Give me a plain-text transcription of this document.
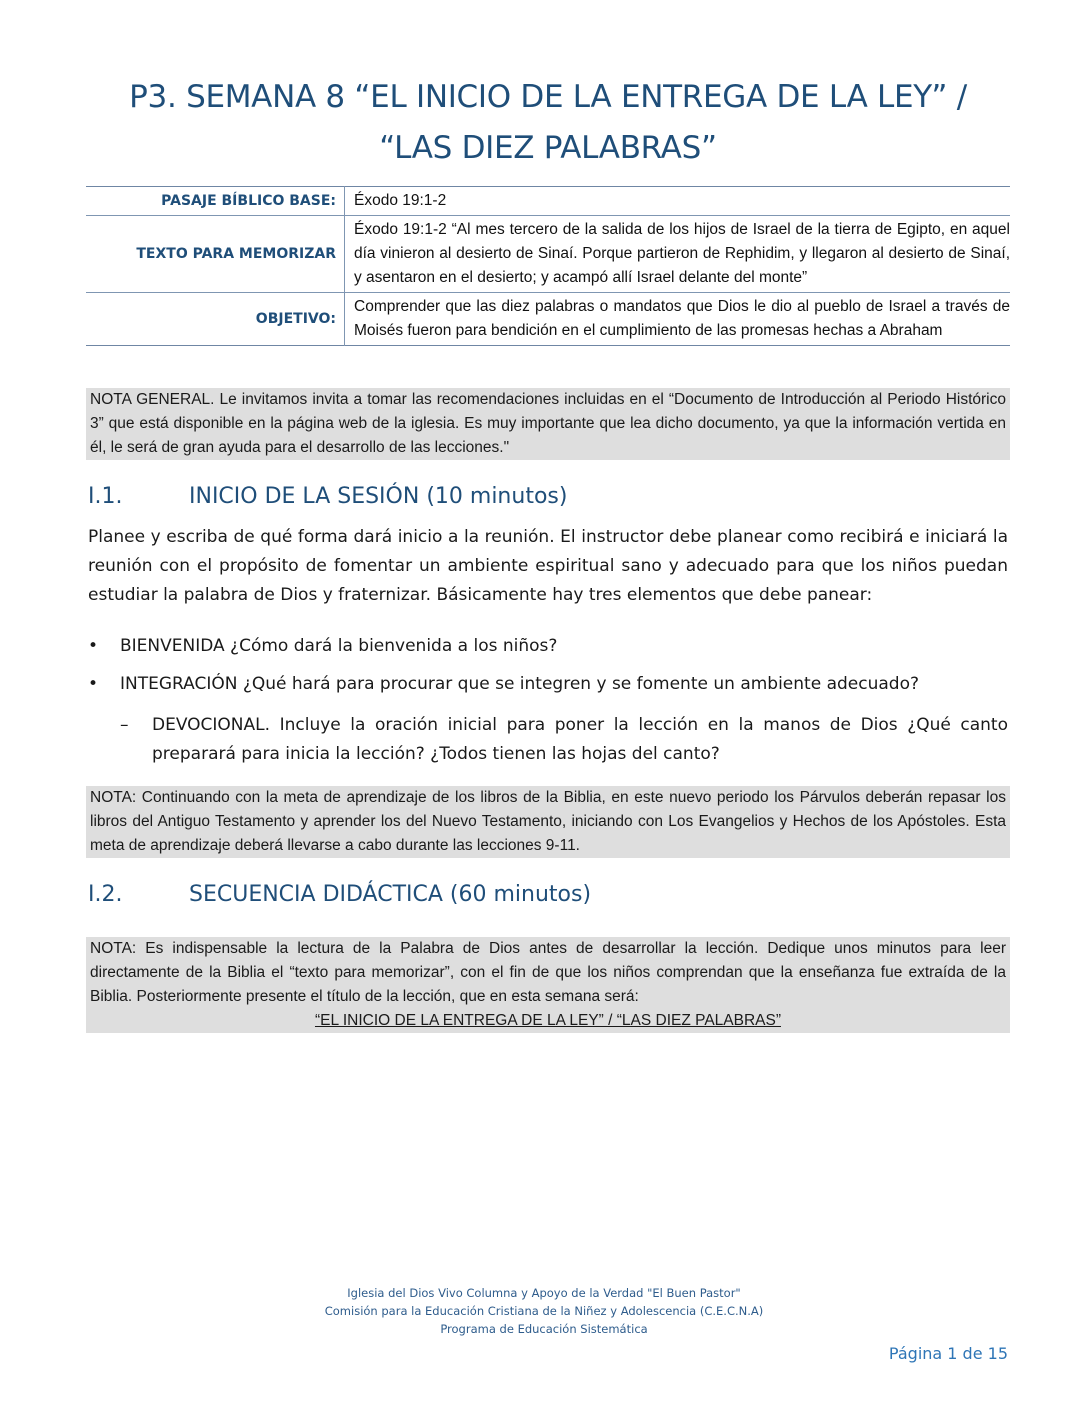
P3. SEMANA 8 “EL INICIO DE LA ENTREGA DE LA LEY” /
“LAS DIEZ PALABRAS”
PASAJE BÍBLICO BASE:	Éxodo 19:1-2
TEXTO PARA MEMORIZAR	Éxodo 19:1-2 “Al mes tercero de la salida de los hijos de Israel de la tierra de Egipto, en aquel día vinieron al desierto de Sinaí. Porque partieron de Rephidim, y llegaron al desierto de Sinaí, y asentaron en el desierto; y acampó allí Israel delante del monte”
OBJETIVO:	Comprender que las diez palabras o mandatos que Dios le dio al pueblo de Israel a través de Moisés fueron para bendición en el cumplimiento de las promesas hechas a Abraham
NOTA GENERAL. Le invitamos invita a tomar las recomendaciones incluidas en el “Documento de Introducción al Periodo Histórico 3” que está disponible en la página web de la iglesia. Es muy importante que lea dicho documento, ya que la información vertida en él, le será de gran ayuda para el desarrollo de las lecciones."
I.1.	INICIO DE LA SESIÓN (10 minutos)
Planee y escriba de qué forma dará inicio a la reunión. El instructor debe planear como recibirá e iniciará la reunión con el propósito de fomentar un ambiente espiritual sano y adecuado para que los niños puedan estudiar la palabra de Dios y fraternizar. Básicamente hay tres elementos que debe panear:
•	BIENVENIDA ¿Cómo dará la bienvenida a los niños?
•	INTEGRACIÓN ¿Qué hará para procurar que se integren y se fomente un ambiente adecuado?
– DEVOCIONAL. Incluye la oración inicial para poner la lección en la manos de Dios ¿Qué canto preparará para inicia la lección? ¿Todos tienen las hojas del canto?
NOTA: Continuando con la meta de aprendizaje de los libros de la Biblia, en este nuevo periodo los Párvulos deberán repasar los libros del Antiguo Testamento y aprender los del Nuevo Testamento, iniciando con Los Evangelios y Hechos de los Apóstoles. Esta meta de aprendizaje deberá llevarse a cabo durante las lecciones 9-11.
I.2.	SECUENCIA DIDÁCTICA (60 minutos)
NOTA: Es indispensable la lectura de la Palabra de Dios antes de desarrollar la lección. Dedique unos minutos para leer directamente de la Biblia el “texto para memorizar”, con el fin de que los niños comprendan que la enseñanza fue extraída de la Biblia. Posteriormente presente el título de la lección, que en esta semana será:
“EL INICIO DE LA ENTREGA DE LA LEY” / “LAS DIEZ PALABRAS”
Iglesia del Dios Vivo Columna y Apoyo de la Verdad "El Buen Pastor"
Comisión para la Educación Cristiana de la Niñez y Adolescencia (C.E.C.N.A)
Programa de Educación Sistemática
Página 1 de 15
